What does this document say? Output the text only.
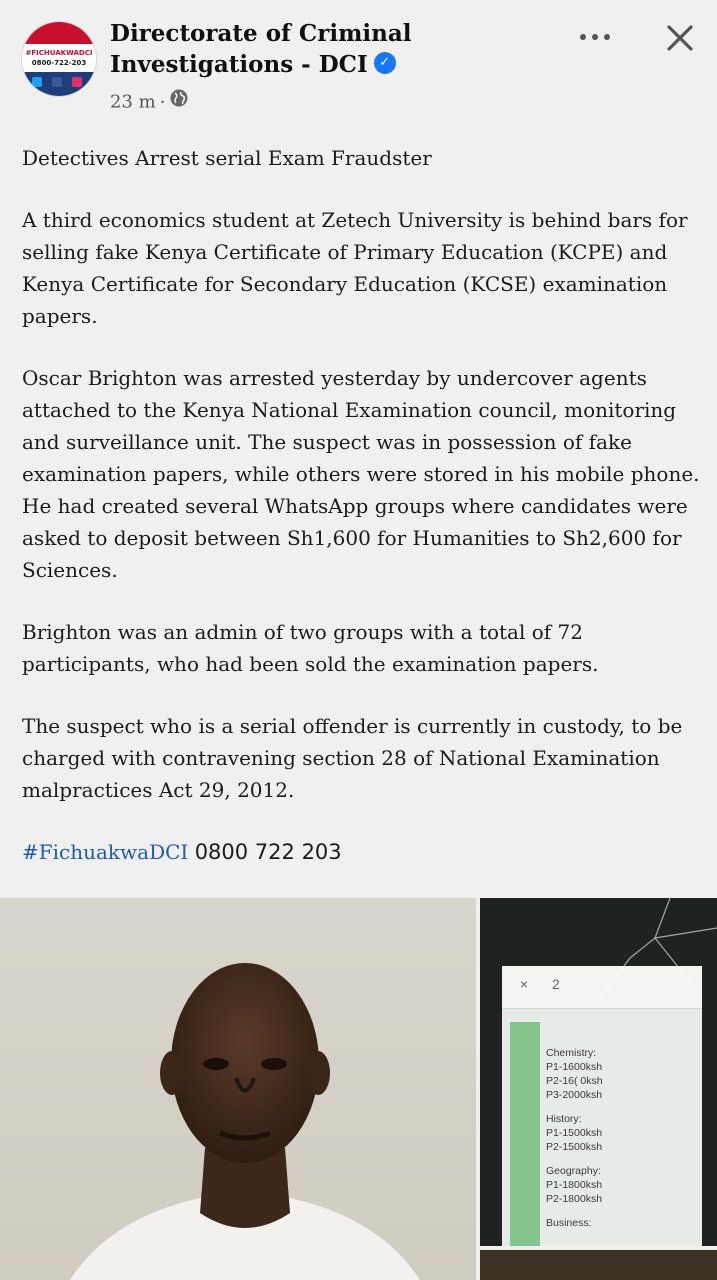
#FICHUAKWADCI
0800-722-203
Directorate of Criminal Investigations - DCI ✓
23 m ·

Detectives Arrest serial Exam Fraudster

A third economics student at Zetech University is behind bars for selling fake Kenya Certificate of Primary Education (KCPE) and Kenya Certificate for Secondary Education (KCSE) examination papers.

Oscar Brighton was arrested yesterday by undercover agents attached to the Kenya National Examination council, monitoring and surveillance unit. The suspect was in possession of fake examination papers, while others were stored in his mobile phone. He had created several WhatsApp groups where candidates were asked to deposit between Sh1,600 for Humanities to Sh2,600 for Sciences.

Brighton was an admin of two groups with a total of 72 participants, who had been sold the examination papers.

The suspect who is a serial offender is currently in custody, to be charged with contravening section 28 of National Examination malpractices Act 29, 2012.

#FichuakwaDCI 0800 722 203

× 2
Chemistry:
P1-1600ksh
P2-16( 0ksh
P3-2000ksh
History:
P1-1500ksh
P2-1500ksh
Geography:
P1-1800ksh
P2-1800ksh
Business:
